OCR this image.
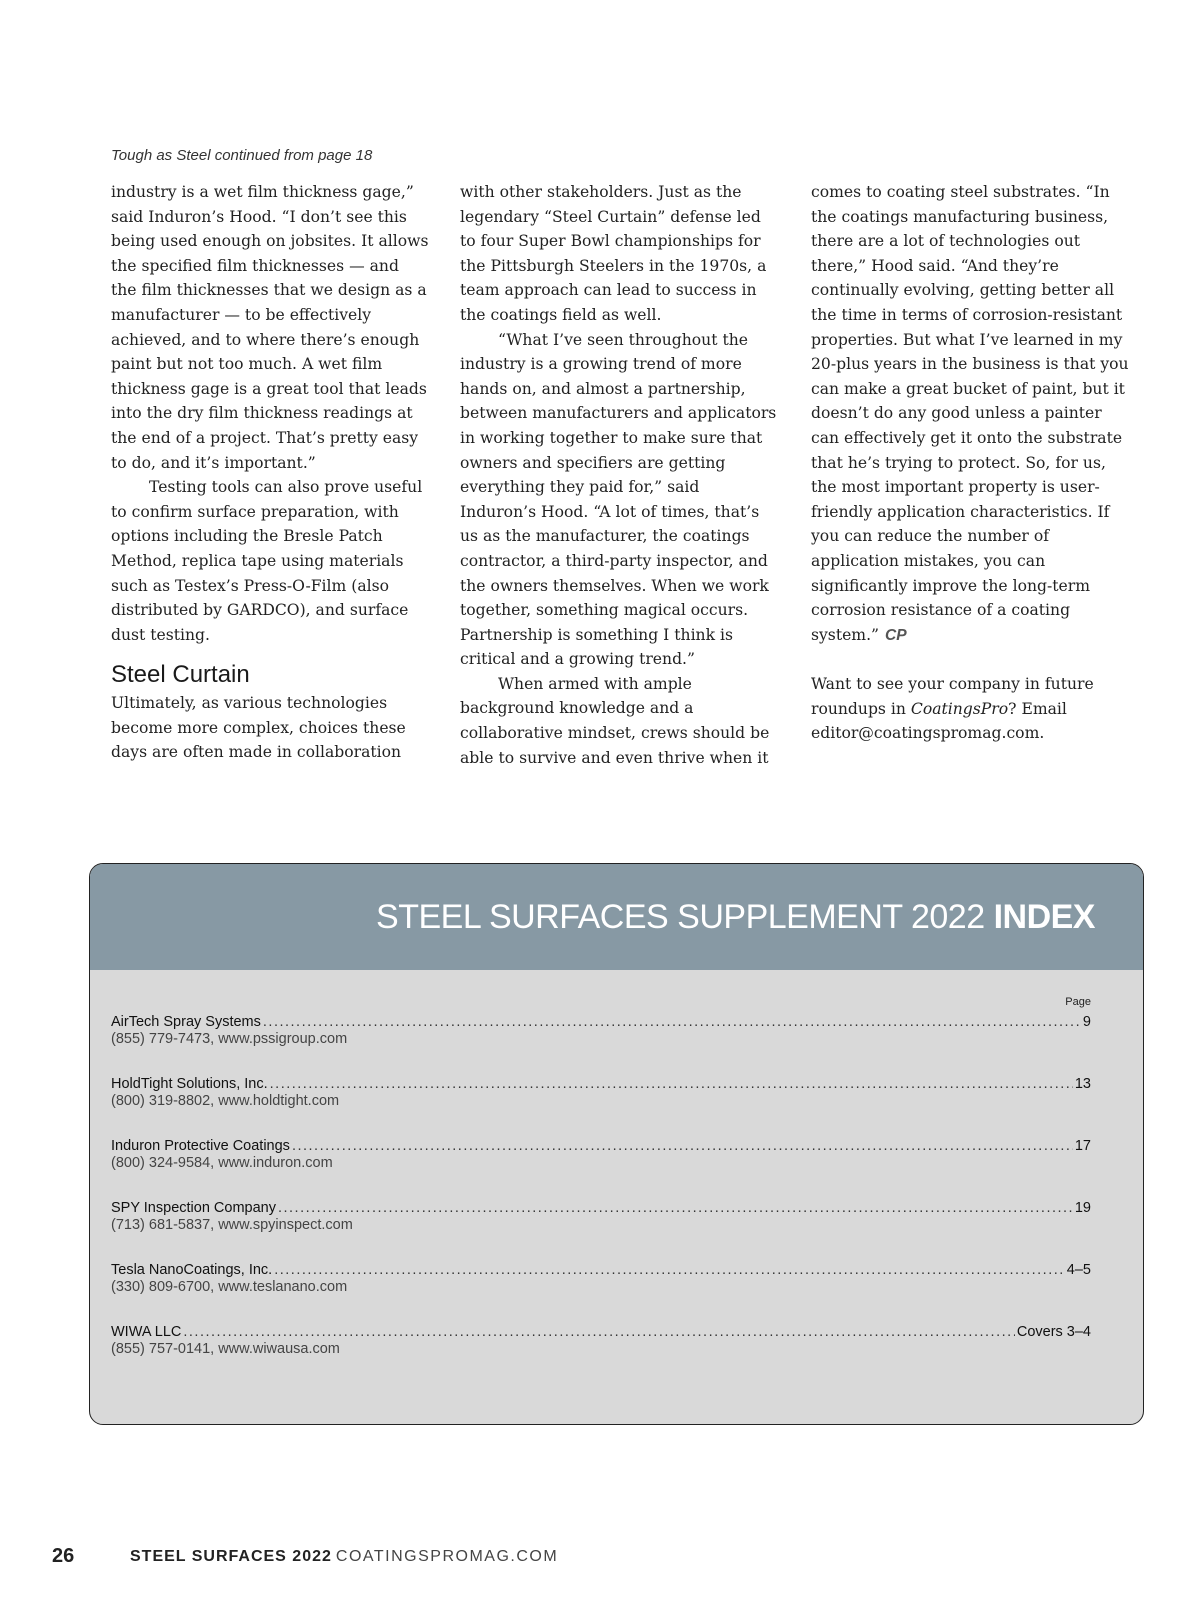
Tough as Steel continued from page 18

industry is a wet film thickness gage,” said Induron’s Hood. “I don’t see this being used enough on jobsites. It allows the specified film thicknesses — and the film thicknesses that we design as a manufacturer — to be effectively achieved, and to where there’s enough paint but not too much. A wet film thickness gage is a great tool that leads into the dry film thickness readings at the end of a project. That’s pretty easy to do, and it’s important.”

Testing tools can also prove useful to confirm surface preparation, with options including the Bresle Patch Method, replica tape using materials such as Testex’s Press-O-Film (also distributed by GARDCO), and surface dust testing.

Steel Curtain

Ultimately, as various technologies become more complex, choices these days are often made in collaboration

with other stakeholders. Just as the legendary “Steel Curtain” defense led to four Super Bowl championships for the Pittsburgh Steelers in the 1970s, a team approach can lead to success in the coatings field as well.

“What I’ve seen throughout the industry is a growing trend of more hands on, and almost a partnership, between manufacturers and applicators in working together to make sure that owners and specifiers are getting everything they paid for,” said Induron’s Hood. “A lot of times, that’s us as the manufacturer, the coatings contractor, a third-party inspector, and the owners themselves. When we work together, something magical occurs. Partnership is something I think is critical and a growing trend.”

When armed with ample background knowledge and a collaborative mindset, crews should be able to survive and even thrive when it

comes to coating steel substrates. “In the coatings manufacturing business, there are a lot of technologies out there,” Hood said. “And they’re continually evolving, getting better all the time in terms of corrosion-resistant properties. But what I’ve learned in my 20-plus years in the business is that you can make a great bucket of paint, but it doesn’t do any good unless a painter can effectively get it onto the substrate that he’s trying to protect. So, for us, the most important property is user-friendly application characteristics. If you can reduce the number of application mistakes, you can significantly improve the long-term corrosion resistance of a coating system.” CP

Want to see your company in future roundups in CoatingsPro? Email editor@coatingspromag.com.

STEEL SURFACES SUPPLEMENT 2022 INDEX
Page
AirTech Spray Systems .....	9
(855) 779-7473, www.pssigroup.com
HoldTight Solutions, Inc. .....	13
(800) 319-8802, www.holdtight.com
Induron Protective Coatings .....	17
(800) 324-9584, www.induron.com
SPY Inspection Company .....	19
(713) 681-5837, www.spyinspect.com
Tesla NanoCoatings, Inc. .....	4–5
(330) 809-6700, www.teslanano.com
WIWA LLC .....	Covers 3–4
(855) 757-0141, www.wiwausa.com
26	STEEL SURFACES 2022 COATINGSPROMAG.COM
